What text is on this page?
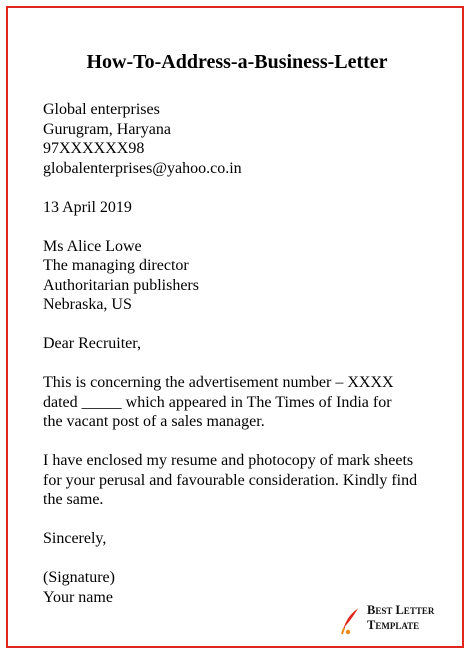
How-To-Address-a-Business-Letter
Global enterprises
Gurugram, Haryana
97XXXXXX98
globalenterprises@yahoo.co.in
13 April 2019
Ms Alice Lowe
The managing director
Authoritarian publishers
Nebraska, US
Dear Recruiter,
This is concerning the advertisement number – XXXX
dated _____ which appeared in The Times of India for
the vacant post of a sales manager.
I have enclosed my resume and photocopy of mark sheets
for your perusal and favourable consideration. Kindly find
the same.
Sincerely,
(Signature)
Your name
Best Letter
Template
